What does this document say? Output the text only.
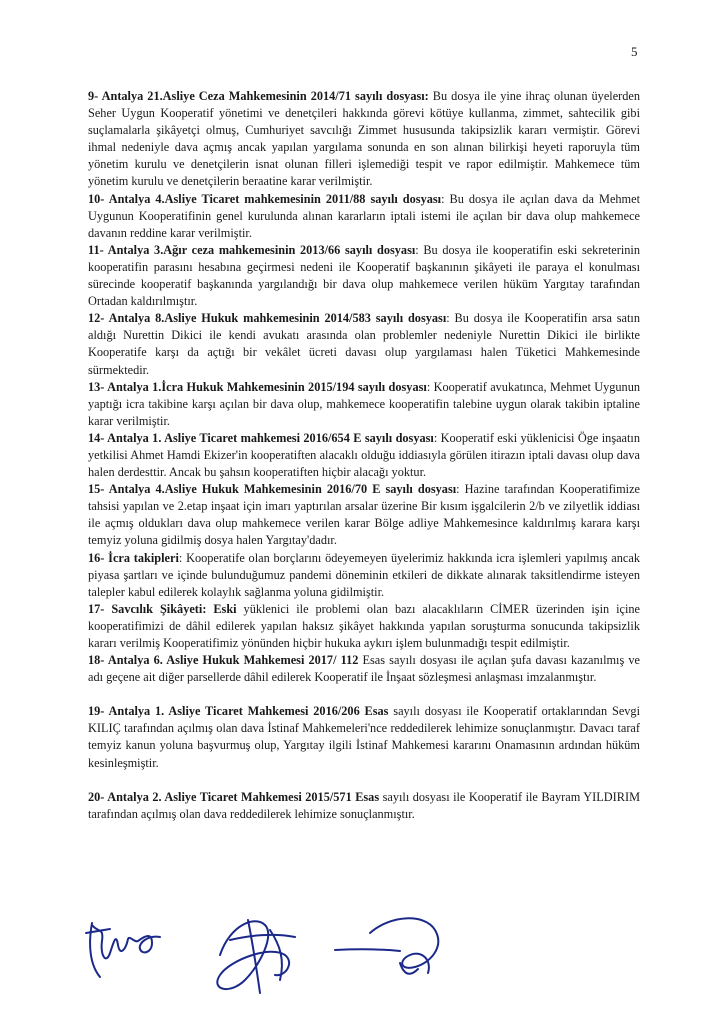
5

9- Antalya 21.Asliye Ceza Mahkemesinin 2014/71 sayılı dosyası: Bu dosya ile yine ihraç olunan üyelerden Seher Uygun Kooperatif yönetimi ve denetçileri hakkında görevi kötüye kullanma, zimmet, sahtecilik gibi suçlamalarla şikâyetçi olmuş, Cumhuriyet savcılığı Zimmet hususunda takipsizlik kararı vermiştir. Görevi ihmal nedeniyle dava açmış ancak yapılan yargılama sonunda en son alınan bilirkişi heyeti raporuyla tüm yönetim kurulu ve denetçilerin isnat olunan filleri işlemediği tespit ve rapor edilmiştir. Mahkemece tüm yönetim kurulu ve denetçilerin beraatine karar verilmiştir.

10- Antalya 4.Asliye Ticaret mahkemesinin 2011/88 sayılı dosyası: Bu dosya ile açılan dava da Mehmet Uygunun Kooperatifinin genel kurulunda alınan kararların iptali istemi ile açılan bir dava olup mahkemece davanın reddine karar verilmiştir.

11- Antalya 3.Ağır ceza mahkemesinin 2013/66 sayılı dosyası: Bu dosya ile kooperatifin eski sekreterinin kooperatifin parasını hesabına geçirmesi nedeni ile Kooperatif başkanının şikâyeti ile paraya el konulması sürecinde kooperatif başkanında yargılandığı bir dava olup mahkemece verilen hüküm Yargıtay tarafından Ortadan kaldırılmıştır.

12- Antalya 8.Asliye Hukuk mahkemesinin 2014/583 sayılı dosyası: Bu dosya ile Kooperatifin arsa satın aldığı Nurettin Dikici ile kendi avukatı arasında olan problemler nedeniyle Nurettin Dikici ile birlikte Kooperatife karşı da açtığı bir vekâlet ücreti davası olup yargılaması halen Tüketici Mahkemesinde sürmektedir.

13- Antalya 1.İcra Hukuk Mahkemesinin 2015/194 sayılı dosyası: Kooperatif avukatınca, Mehmet Uygunun yaptığı icra takibine karşı açılan bir dava olup, mahkemece kooperatifin talebine uygun olarak takibin iptaline karar verilmiştir.

14- Antalya 1. Asliye Ticaret mahkemesi 2016/654 E sayılı dosyası: Kooperatif eski yüklenicisi Öge inşaatın yetkilisi Ahmet Hamdi Ekizer'in kooperatiften alacaklı olduğu iddiasıyla görülen itirazın iptali davası olup dava halen derdesttir. Ancak bu şahsın kooperatiften hiçbir alacağı yoktur.

15- Antalya 4.Asliye Hukuk Mahkemesinin 2016/70 E sayılı dosyası: Hazine tarafından Kooperatifimize tahsisi yapılan ve 2.etap inşaat için imarı yaptırılan arsalar üzerine Bir kısım işgalcilerin 2/b ve zilyetlik iddiası ile açmış oldukları dava olup mahkemece verilen karar Bölge adliye Mahkemesince kaldırılmış karara karşı temyiz yoluna gidilmiş dosya halen Yargıtay'dadır.

16- İcra takipleri: Kooperatife olan borçlarını ödeyemeyen üyelerimiz hakkında icra işlemleri yapılmış ancak piyasa şartları ve içinde bulunduğumuz pandemi döneminin etkileri de dikkate alınarak taksitlendirme isteyen talepler kabul edilerek kolaylık sağlanma yoluna gidilmiştir.

17- Savcılık Şikâyeti: Eski yüklenici ile problemi olan bazı alacaklıların CİMER üzerinden işin içine kooperatifimizi de dâhil edilerek yapılan haksız şikâyet hakkında yapılan soruşturma sonucunda takipsizlik kararı verilmiş Kooperatifimiz yönünden hiçbir hukuka aykırı işlem bulunmadığı tespit edilmiştir.

18- Antalya 6. Asliye Hukuk Mahkemesi 2017/ 112 Esas sayılı dosyası ile açılan şufa davası kazanılmış ve adı geçene ait diğer parsellerde dâhil edilerek Kooperatif ile İnşaat sözleşmesi anlaşması imzalanmıştır.

19- Antalya 1. Asliye Ticaret Mahkemesi 2016/206 Esas sayılı dosyası ile Kooperatif ortaklarından Sevgi KILIÇ tarafından açılmış olan dava İstinaf Mahkemeleri'nce reddedilerek lehimize sonuçlanmıştır. Davacı taraf temyiz kanun yoluna başvurmuş olup, Yargıtay ilgili İstinaf Mahkemesi kararını Onamasının ardından hüküm kesinleşmiştir.

20- Antalya 2. Asliye Ticaret Mahkemesi 2015/571 Esas sayılı dosyası ile Kooperatif ile Bayram YILDIRIM tarafından açılmış olan dava reddedilerek lehimize sonuçlanmıştır.
